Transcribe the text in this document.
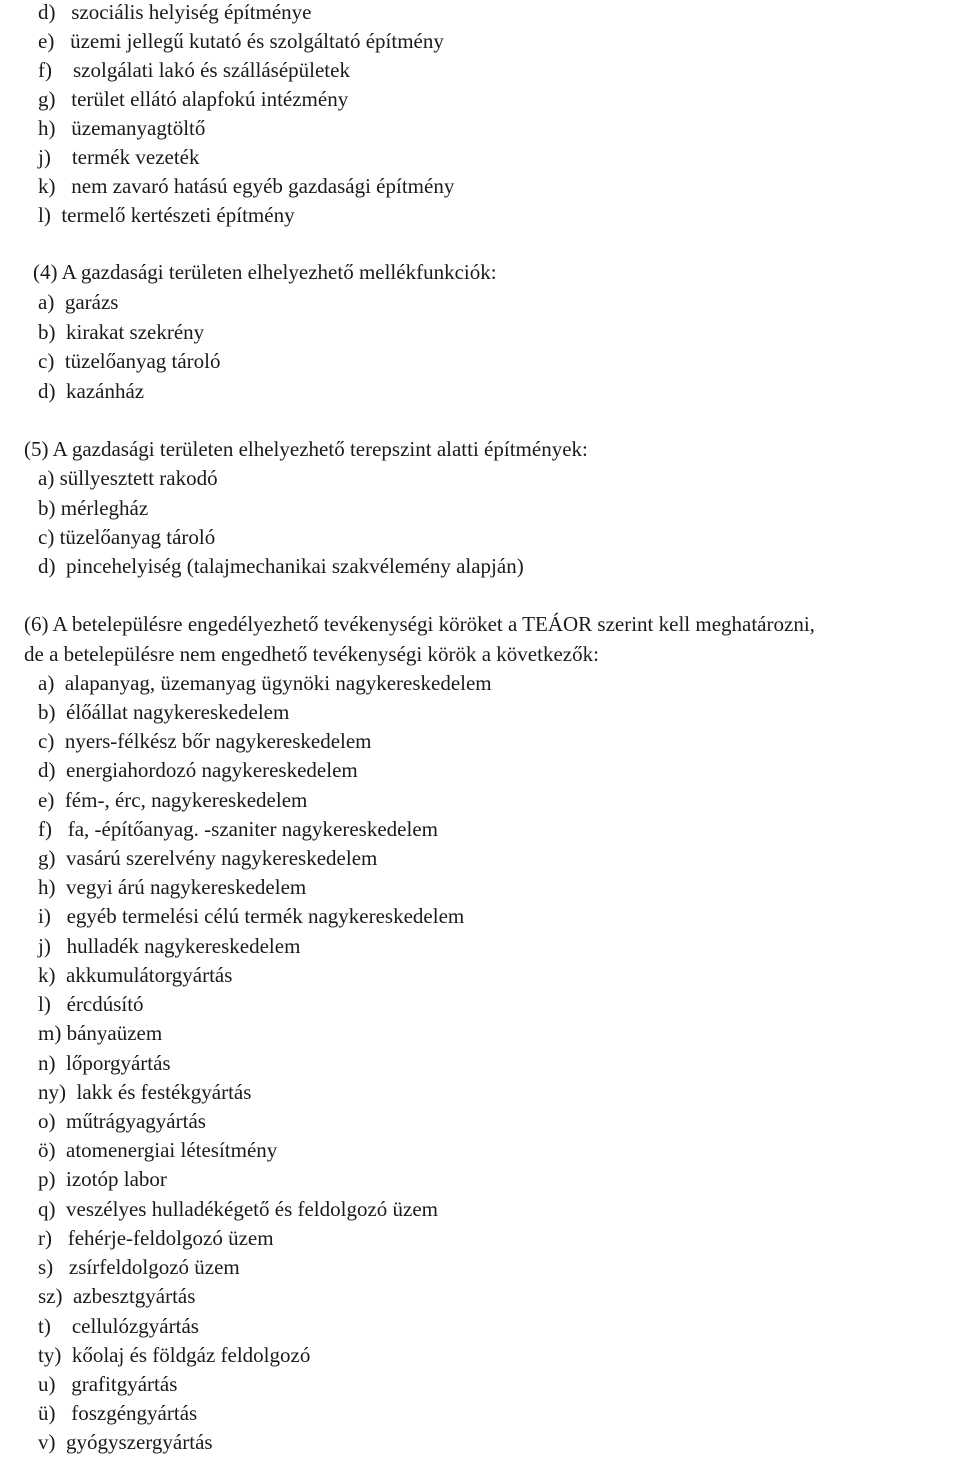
d)   szociális helyiség építménye
e)   üzemi jellegű kutató és szolgáltató építmény
f)    szolgálati lakó és szállásépületek
g)   terület ellátó alapfokú intézmény
h)   üzemanyagtöltő
j)    termék vezeték
k)   nem zavaró hatású egyéb gazdasági építmény
l)  termelő kertészeti építmény
(4) A gazdasági területen elhelyezhető mellékfunkciók:
a)  garázs
b)  kirakat szekrény
c)  tüzelőanyag tároló
d)  kazánház
(5) A gazdasági területen elhelyezhető terepszint alatti építmények:
a) süllyesztett rakodó
b) mérlegház
c) tüzelőanyag tároló
d)  pincehelyiség (talajmechanikai szakvélemény alapján)
(6) A betelepülésre engedélyezhető tevékenységi köröket a TEÁOR szerint kell meghatározni,
de a betelepülésre nem engedhető tevékenységi körök a következők:
a)  alapanyag, üzemanyag ügynöki nagykereskedelem
b)  élőállat nagykereskedelem
c)  nyers-félkész bőr nagykereskedelem
d)  energiahordozó nagykereskedelem
e)  fém-, érc, nagykereskedelem
f)   fa, -építőanyag. -szaniter nagykereskedelem
g)  vasárú szerelvény nagykereskedelem
h)  vegyi árú nagykereskedelem
i)   egyéb termelési célú termék nagykereskedelem
j)   hulladék nagykereskedelem
k)  akkumulátorgyártás
l)   ércdúsító
m) bányaüzem
n)  lőporgyártás
ny)  lakk és festékgyártás
o)  műtrágyagyártás
ö)  atomenergiai létesítmény
p)  izotóp labor
q)  veszélyes hulladékégető és feldolgozó üzem
r)   fehérje-feldolgozó üzem
s)   zsírfeldolgozó üzem
sz)  azbesztgyártás
t)    cellulózgyártás
ty)  kőolaj és földgáz feldolgozó
u)   grafitgyártás
ü)   foszgéngyártás
v)  gyógyszergyártás
